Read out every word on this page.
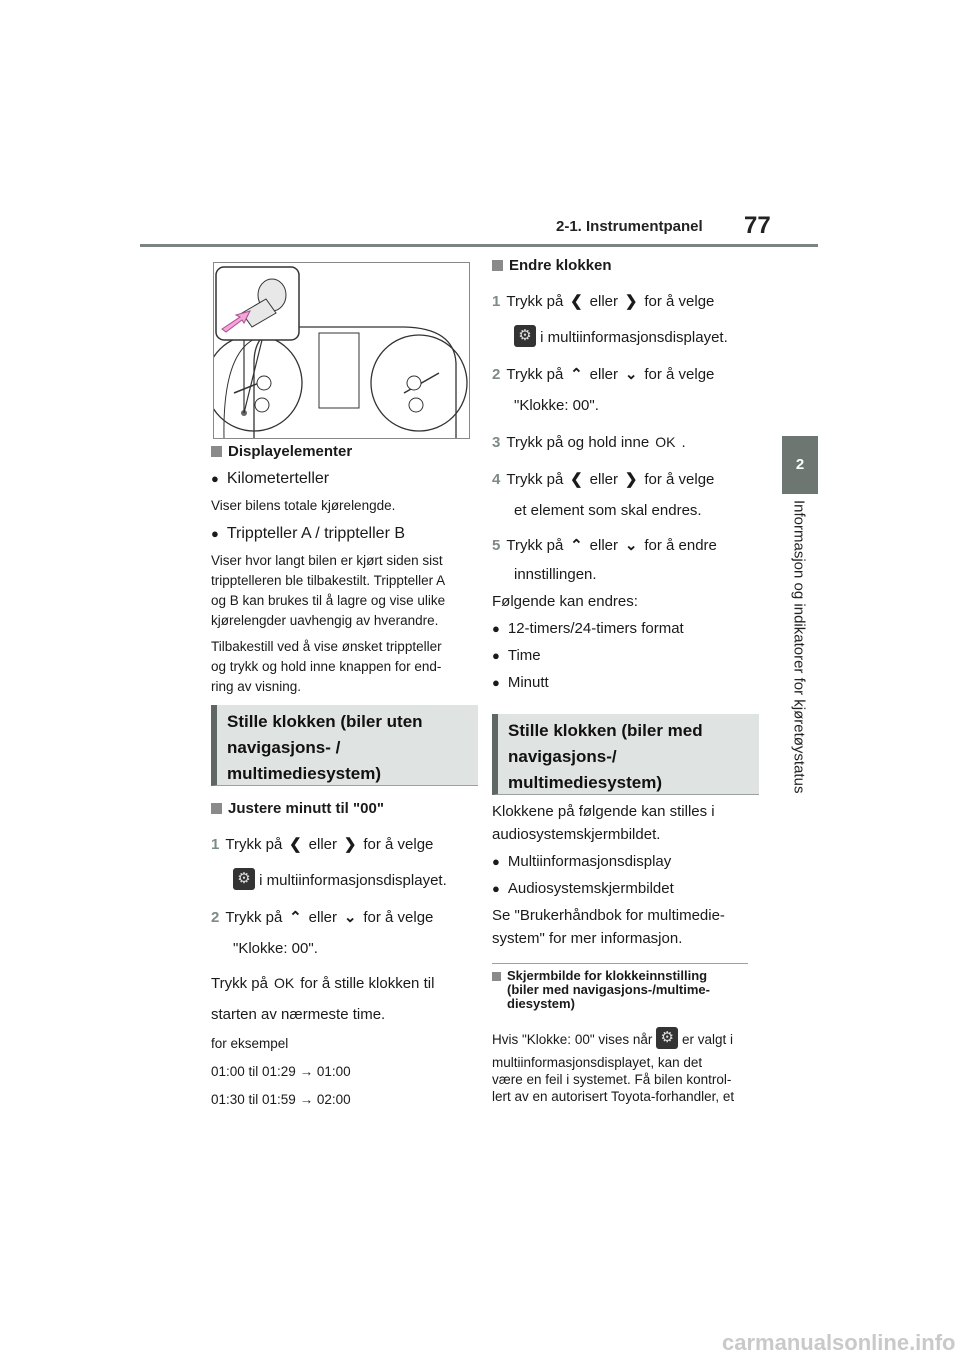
2-1. Instrumentpanel 77
2
Informasjon og indikatorer for kjøretøystatus

Displayelementer

● Kilometerteller

Viser bilens totale kjørelengde.

● Trippteller A / trippteller B

Viser hvor langt bilen er kjørt siden sist

tripptelleren ble tilbakestilt. Trippteller A

og B kan brukes til å lagre og vise ulike

kjørelengder uavhengig av hverandre.

Tilbakestill ved å vise ønsket trippteller

og trykk og hold inne knappen for end-

ring av visning.

Stille klokken (biler uten
navigasjons- /
multimediesystem)

Justere minutt til "00"

1 Trykk på ❮ eller ❯ for å velge

⚙ i multiinformasjonsdisplayet.

2 Trykk på ⌃ eller ⌄ for å velge

"Klokke: 00".

Trykk på OK for å stille klokken til

starten av nærmeste time.

for eksempel

01:00 til 01:29 → 01:00

01:30 til 01:59 → 02:00

Endre klokken

1 Trykk på ❮ eller ❯ for å velge

⚙ i multiinformasjonsdisplayet.

2 Trykk på ⌃ eller ⌄ for å velge

"Klokke: 00".

3 Trykk på og hold inne OK .

4 Trykk på ❮ eller ❯ for å velge

et element som skal endres.

5 Trykk på ⌃ eller ⌄ for å endre

innstillingen.

Følgende kan endres:

● 12-timers/24-timers format

● Time

● Minutt

Stille klokken (biler med
navigasjons-/
multimediesystem)

Klokkene på følgende kan stilles i

audiosystemskjermbildet.

● Multiinformasjonsdisplay

● Audiosystemskjermbildet

Se "Brukerhåndbok for multimedie-

system" for mer informasjon.

Skjermbilde for klokkeinnstilling
(biler med navigasjons-/multime-
diesystem)

Hvis "Klokke: 00" vises når ⚙ er valgt i

multiinformasjonsdisplayet, kan det

være en feil i systemet. Få bilen kontrol-

lert av en autorisert Toyota-forhandler, et

carmanualsonline.info
